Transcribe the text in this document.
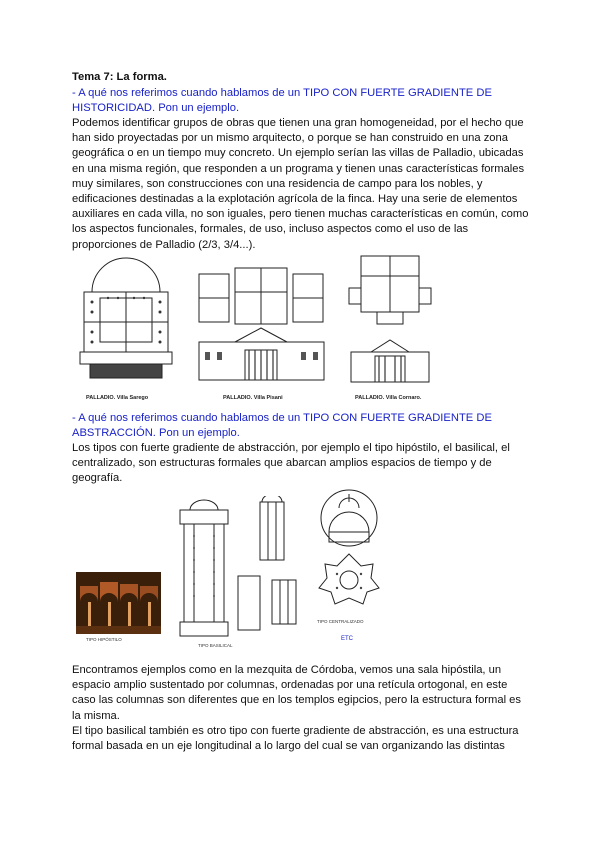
Tema 7: La forma.
- A qué nos referimos cuando hablamos de un TIPO CON FUERTE GRADIENTE DE HISTORICIDAD. Pon un ejemplo.
Podemos identificar grupos de obras que tienen una gran homogeneidad, por el hecho que han sido proyectadas por un mismo arquitecto, o porque se han construido en una zona geográfica o en un tiempo muy concreto. Un ejemplo serían las villas de Palladio, ubicadas en una misma región, que responden a un programa y tienen unas características formales muy similares, son construcciones con una residencia de campo para los nobles, y edificaciones destinadas a la explotación agrícola de la finca. Hay una serie de elementos auxiliares en cada villa, no son iguales, pero tienen muchas características en común, como los aspectos funcionales, formales, de uso, incluso aspectos como el uso de las proporciones de Palladio (2/3, 3/4...).
PALLADIO. Villa Sarego	PALLADIO. Villa Pisani	PALLADIO. Villa Cornaro.
- A qué nos referimos cuando hablamos de un TIPO CON FUERTE GRADIENTE DE ABSTRACCIÓN. Pon un ejemplo.
Los tipos con fuerte gradiente de abstracción, por ejemplo el tipo hipóstilo, el basilical, el centralizado, son estructuras formales que abarcan amplios espacios de tiempo y de geografía.
TIPO HIPÓSTILO
TIPO BASILICAL
TIPO CENTRALIZADO
ETC
Encontramos ejemplos como en la mezquita de Córdoba, vemos una sala hipóstila, un espacio amplio sustentado por columnas, ordenadas por una retícula ortogonal, en este caso las columnas son diferentes que en los templos egipcios, pero la estructura formal es la misma.
El tipo basilical también es otro tipo con fuerte gradiente de abstracción, es una estructura formal basada en un eje longitudinal a lo largo del cual se van organizando las distintas
